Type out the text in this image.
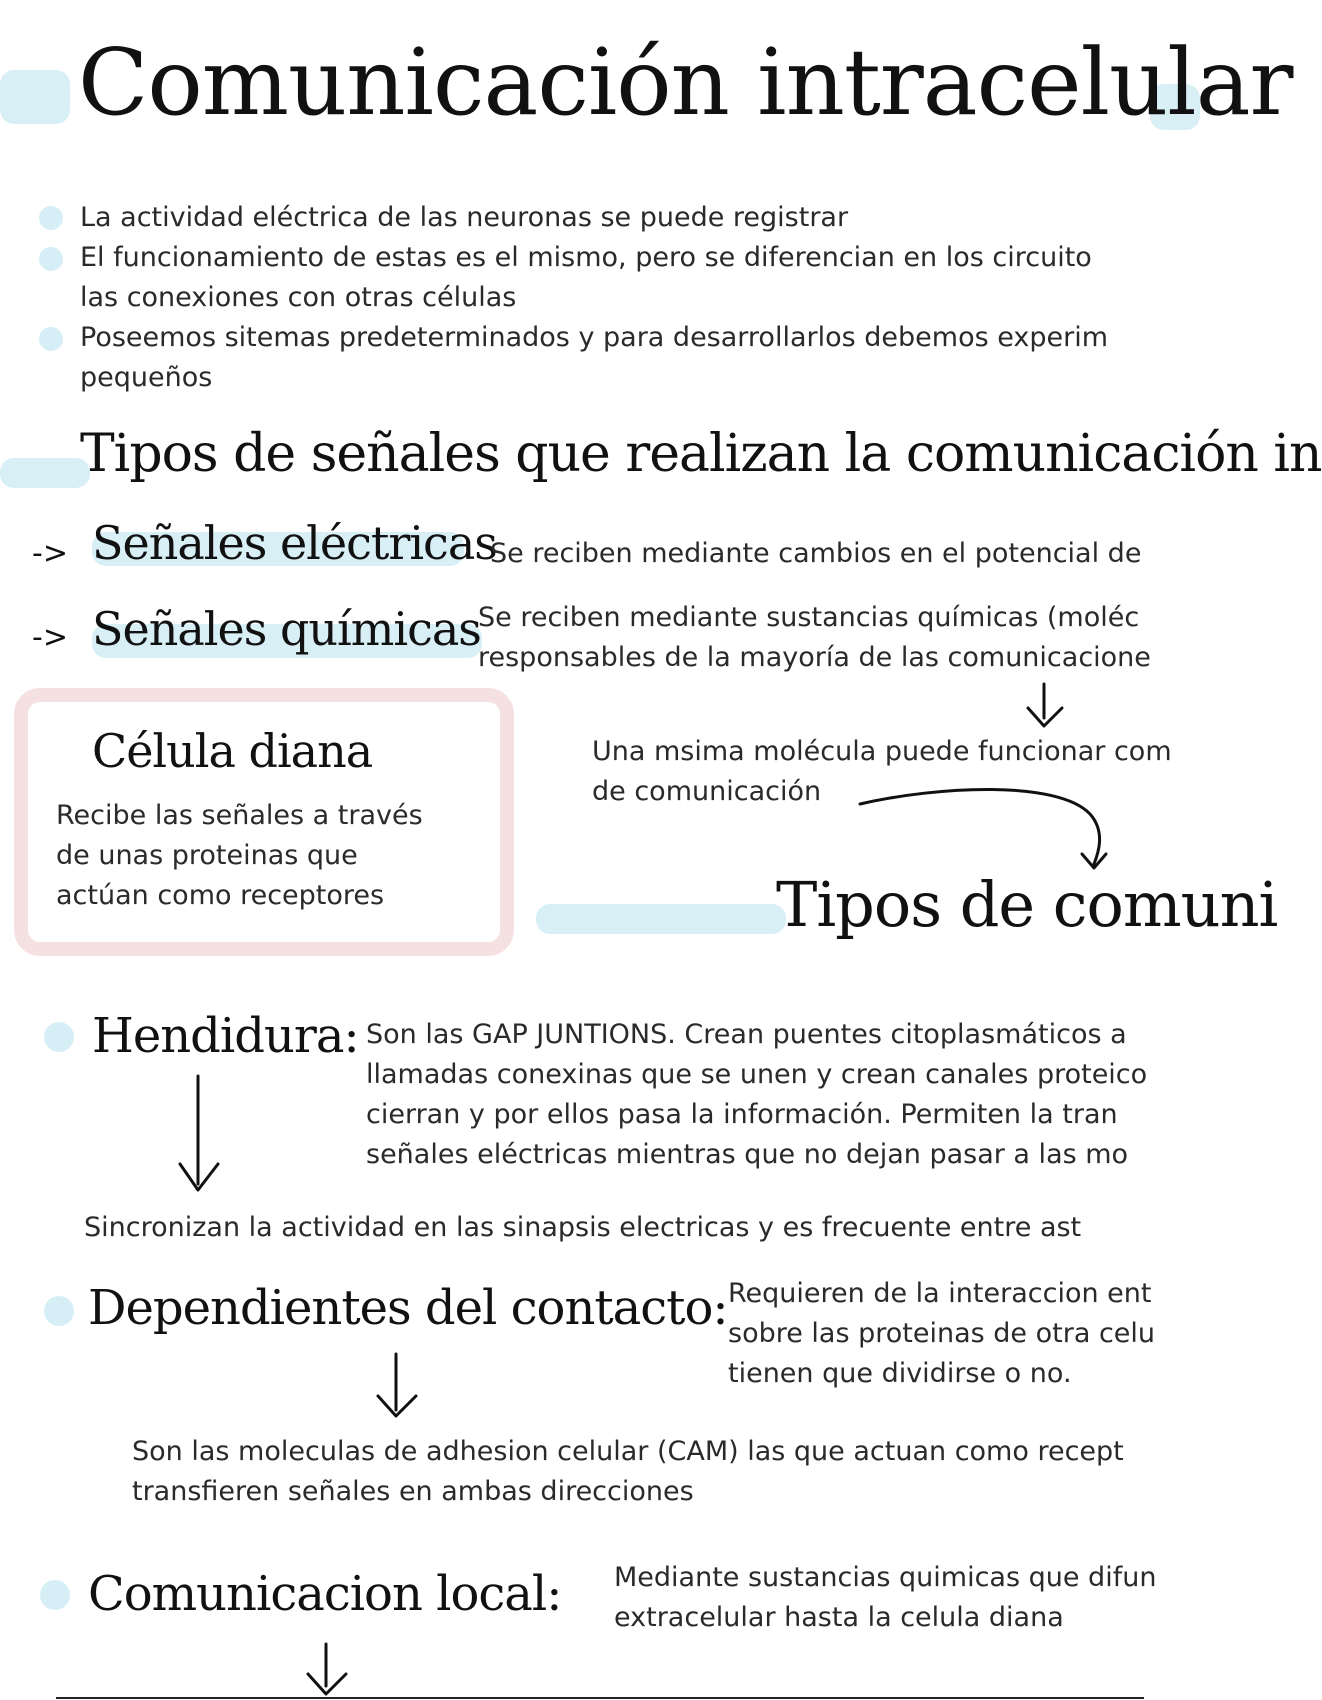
Comunicación intracelular
La actividad eléctrica de las neuronas se puede registrar
El funcionamiento de estas es el mismo, pero se diferencian en los circuito
las conexiones con otras células
Poseemos sitemas predeterminados y para desarrollarlos debemos experim
pequeños
Tipos de señales que realizan la comunicación in
-> Señales eléctricas
Se reciben mediante cambios en el potencial de
-> Señales químicas
Se reciben mediante sustancias químicas (moléc
responsables de la mayoría de las comunicacione
Célula diana
Recibe las señales a través
de unas proteinas que
actúan como receptores
Una msima molécula puede funcionar com
de comunicación
Tipos de comuni
Hendidura: Son las GAP JUNTIONS. Crean puentes citoplasmáticos a
llamadas conexinas que se unen y crean canales proteico
cierran y por ellos pasa la información. Permiten la tran
señales eléctricas mientras que no dejan pasar a las mo
Sincronizan la actividad en las sinapsis electricas y es frecuente entre ast
Dependientes del contacto: Requieren de la interaccion ent
sobre las proteinas de otra celu
tienen que dividirse o no.
Son las moleculas de adhesion celular (CAM) las que actuan como recept
transfieren señales en ambas direcciones
Comunicacion local: Mediante sustancias quimicas que difun
extracelular hasta la celula diana
